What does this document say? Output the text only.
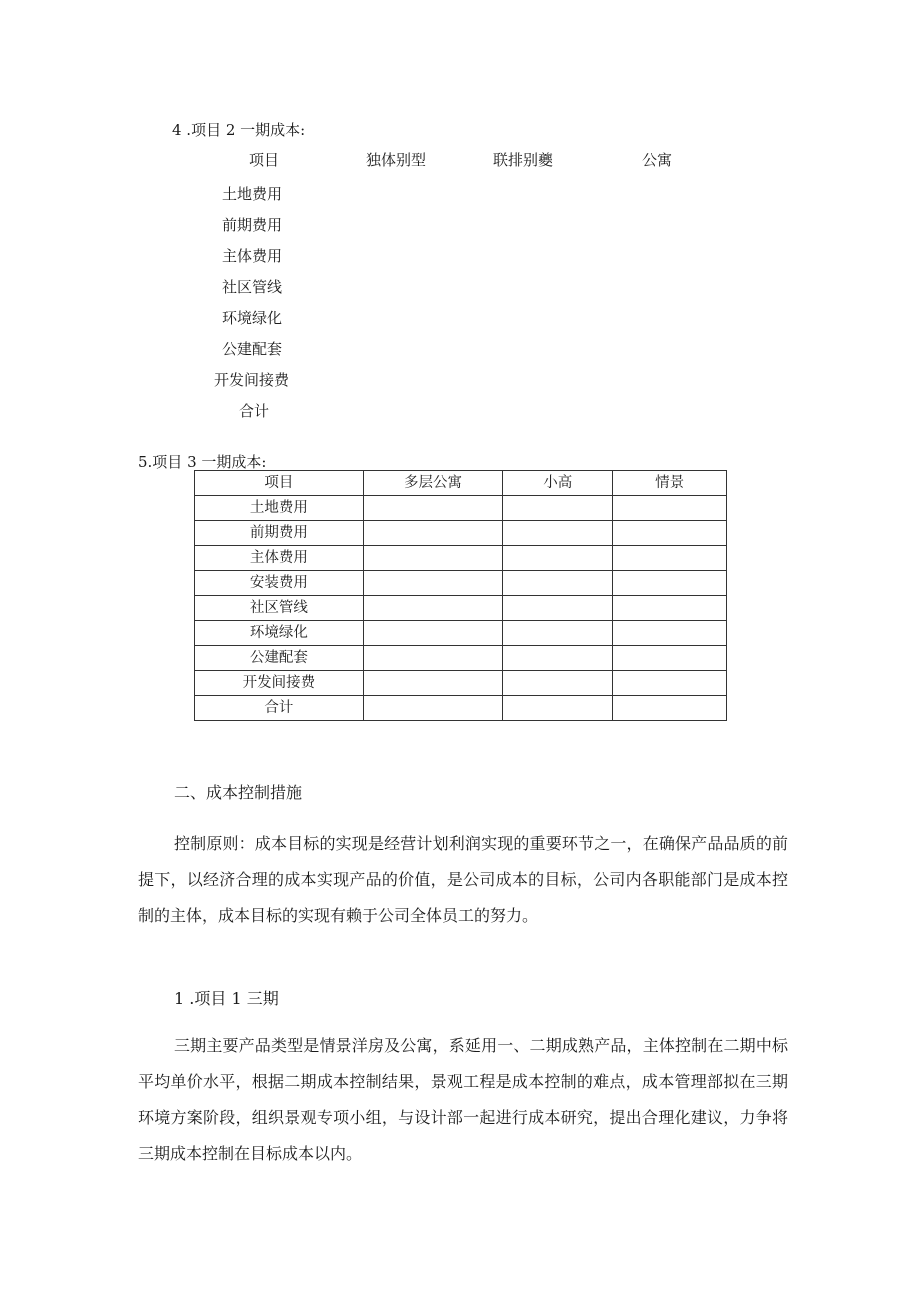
4 .项目 2 一期成本:
项目	独体别型	联排别夔	公寓
土地费用
前期费用
主体费用
社区管线
环境绿化
公建配套
开发间接费
合计
5.项目 3 一期成本:
项目	多层公寓	小高	情景
土地费用			
前期费用			
主体费用			
安装费用			
社区管线			
环境绿化			
公建配套			
开发间接费			
合计			
二、成本控制措施

控制原则：成本目标的实现是经营计划利润实现的重要环节之一，在确保产品品质的前提下，以经济合理的成本实现产品的价值，是公司成本的目标，公司内各职能部门是成本控制的主体，成本目标的实现有赖于公司全体员工的努力。

1 .项目 1 三期

三期主要产品类型是情景洋房及公寓，系延用一、二期成熟产品，主体控制在二期中标平均单价水平，根据二期成本控制结果，景观工程是成本控制的难点，成本管理部拟在三期环境方案阶段，组织景观专项小组，与设计部一起进行成本研究，提出合理化建议，力争将三期成本控制在目标成本以内。
